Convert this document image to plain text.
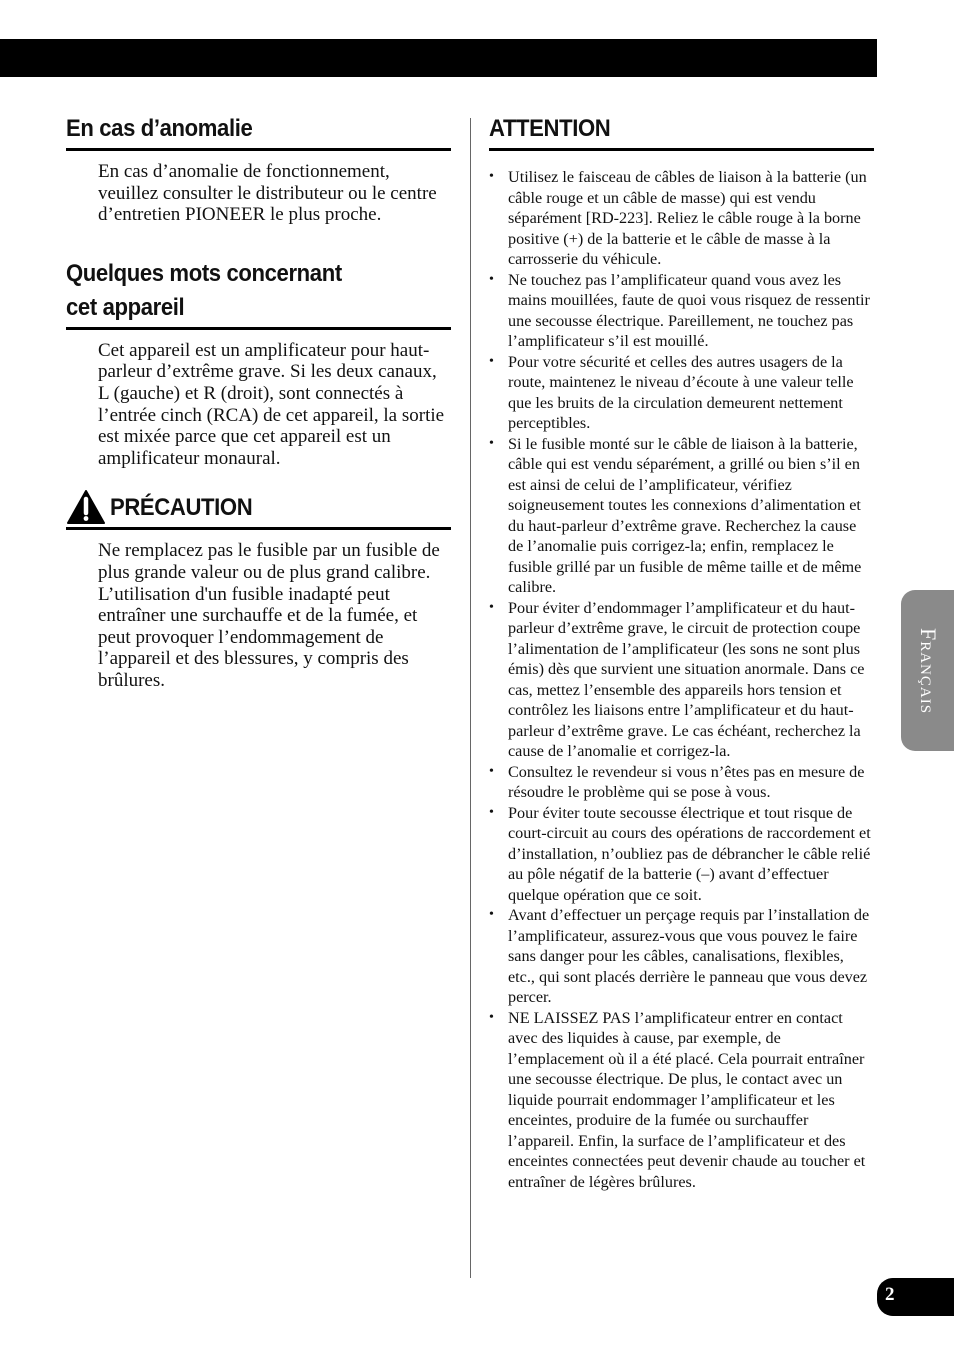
En cas d’anomalie

En cas d’anomalie de fonctionnement, veuillez consulter le distributeur ou le centre d’entretien PIONEER le plus proche.

Quelques mots concernant
cet appareil

Cet appareil est un amplificateur pour haut-parleur d’extrême grave. Si les deux canaux, L (gauche) et R (droit), sont connectés à l’entrée cinch (RCA) de cet appareil, la sortie est mixée parce que cet appareil est un amplificateur monaural.

PRÉCAUTION

Ne remplacez pas le fusible par un fusible de plus grande valeur ou de plus grand calibre. L’utilisation d'un fusible inadapté peut entraîner une surchauffe et de la fumée, et peut provoquer l’endommagement de l’appareil et des blessures, y compris des brûlures.

ATTENTION
• Utilisez le faisceau de câbles de liaison à la batterie (un câble rouge et un câble de masse) qui est vendu séparément [RD-223]. Reliez le câble rouge à la borne positive (+) de la batterie et le câble de masse à la carrosserie du véhicule.
• Ne touchez pas l’amplificateur quand vous avez les mains mouillées, faute de quoi vous risquez de ressentir une secousse électrique. Pareillement, ne touchez pas l’amplificateur s’il est mouillé.
• Pour votre sécurité et celles des autres usagers de la route, maintenez le niveau d’écoute à une valeur telle que les bruits de la circulation demeurent nettement perceptibles.
• Si le fusible monté sur le câble de liaison à la batterie, câble qui est vendu séparément, a grillé ou bien s’il en est ainsi de celui de l’amplificateur, vérifiez soigneusement toutes les connexions d’alimentation et du haut-parleur d’extrême grave. Recherchez la cause de l’anomalie puis corrigez-la; enfin, remplacez le fusible grillé par un fusible de même taille et de même calibre.
• Pour éviter d’endommager l’amplificateur et du haut-parleur d’extrême grave, le circuit de protection coupe l’alimentation de l’amplificateur (les sons ne sont plus émis) dès que survient une situation anormale. Dans ce cas, mettez l’ensemble des appareils hors tension et contrôlez les liaisons entre l’amplificateur et du haut-parleur d’extrême grave. Le cas échéant, recherchez la cause de l’anomalie et corrigez-la.
• Consultez le revendeur si vous n’êtes pas en mesure de résoudre le problème qui se pose à vous.
• Pour éviter toute secousse électrique et tout risque de court-circuit au cours des opérations de raccordement et d’installation, n’oubliez pas de débrancher le câble relié au pôle négatif de la batterie (–) avant d’effectuer quelque opération que ce soit.
• Avant d’effectuer un perçage requis par l’installation de l’amplificateur, assurez-vous que vous pouvez le faire sans danger pour les câbles, canalisations, flexibles, etc., qui sont placés derrière le panneau que vous devez percer.
• NE LAISSEZ PAS l’amplificateur entrer en contact avec des liquides à cause, par exemple, de l’emplacement où il a été placé. Cela pourrait entraîner une secousse électrique. De plus, le contact avec un liquide pourrait endommager l’amplificateur et les enceintes, produire de la fumée ou surchauffer l’appareil. Enfin, la surface de l’amplificateur et des enceintes connectées peut devenir chaude au toucher et entraîner de légères brûlures.
Français
2
